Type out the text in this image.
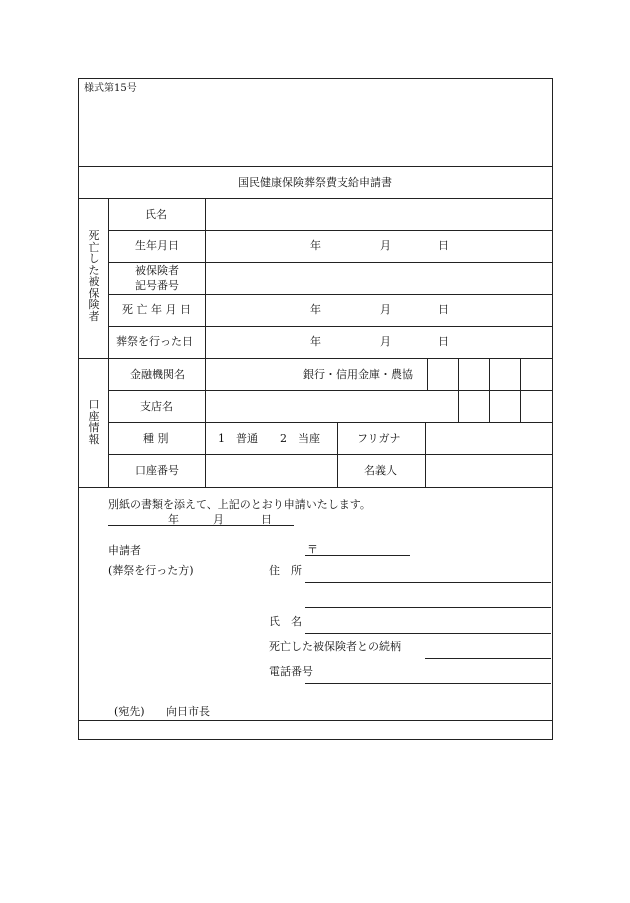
様式第15号
国民健康保険葬祭費支給申請書
死亡した被保険者
氏名
生年月日	年	月	日
被保険者
記号番号
死 亡 年 月 日	年	月	日
葬祭を行った日	年	月	日
口座情報
金融機関名	銀行・信用金庫・農協
支店名
種 別	1　普通　　2　当座	フリガナ
口座番号	名義人
別紙の書類を添えて、上記のとおり申請いたします。
年	月	日
申請者
(葬祭を行った方)
〒
住　所
氏　名
死亡した被保険者との続柄
電話番号
(宛先) 向日市長
